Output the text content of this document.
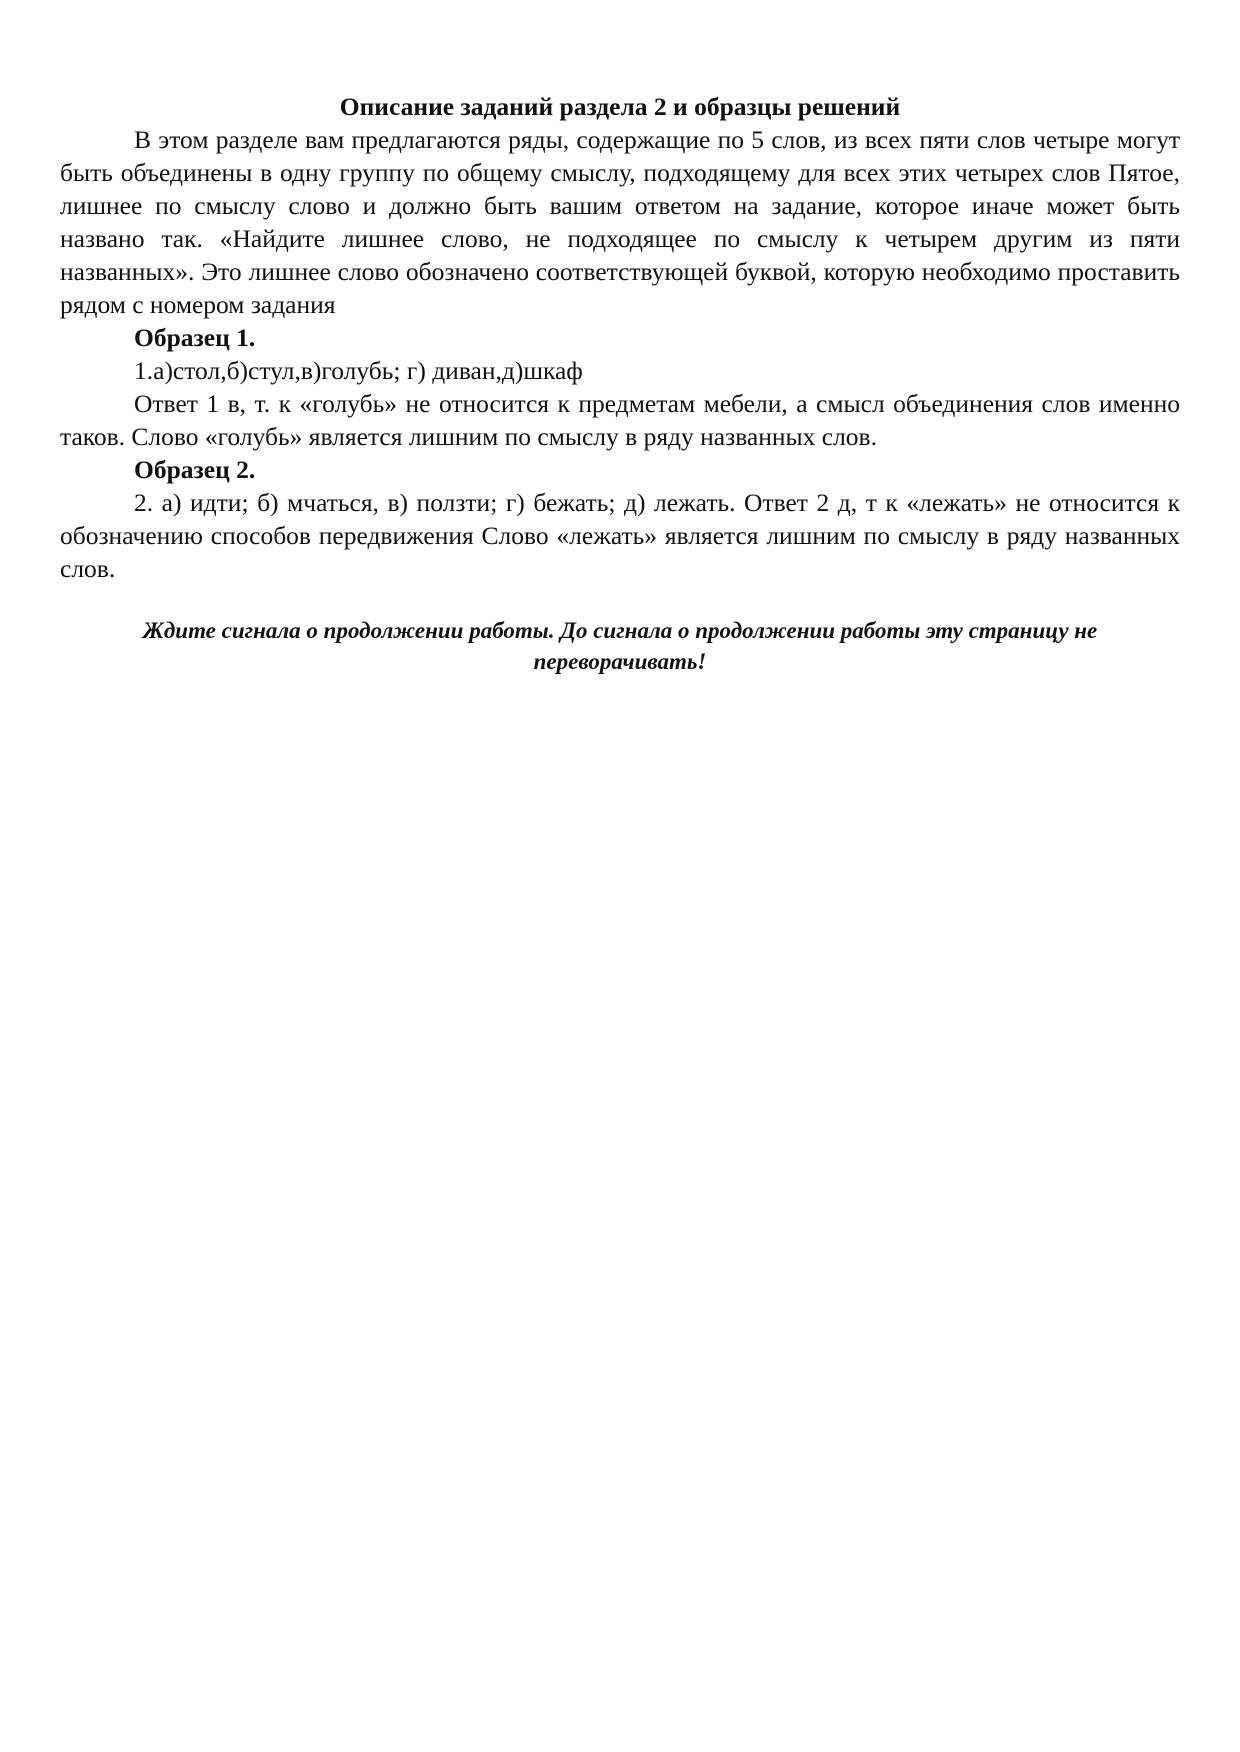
Описание заданий раздела 2 и образцы решений

В этом разделе вам предлагаются ряды, содержащие по 5 слов, из всех пяти слов четыре могут быть объединены в одну группу по общему смыслу, подходящему для всех этих четырех слов Пятое, лишнее по смыслу слово и должно быть вашим ответом на задание, которое иначе может быть названо так. «Найдите лишнее слово, не подходящее по смыслу к четырем другим из пяти названных». Это лишнее слово обозначено соответствующей буквой, которую необходимо проставить рядом с номером задания

Образец 1.

1.а)стол,б)стул,в)голубь; г) диван,д)шкаф

Ответ 1 в, т. к «голубь» не относится к предметам мебели, а смысл объединения слов именно таков. Слово «голубь» является лишним по смыслу в ряду названных слов.

Образец 2.

2. а) идти; б) мчаться, в) ползти; г) бежать; д) лежать. Ответ 2 д, т к «лежать» не относится к обозначению способов передвижения Слово «лежать» является лишним по смыслу в ряду названных слов.

Ждите сигнала о продолжении работы. До сигнала о продолжении работы эту страницу не переворачивать!
